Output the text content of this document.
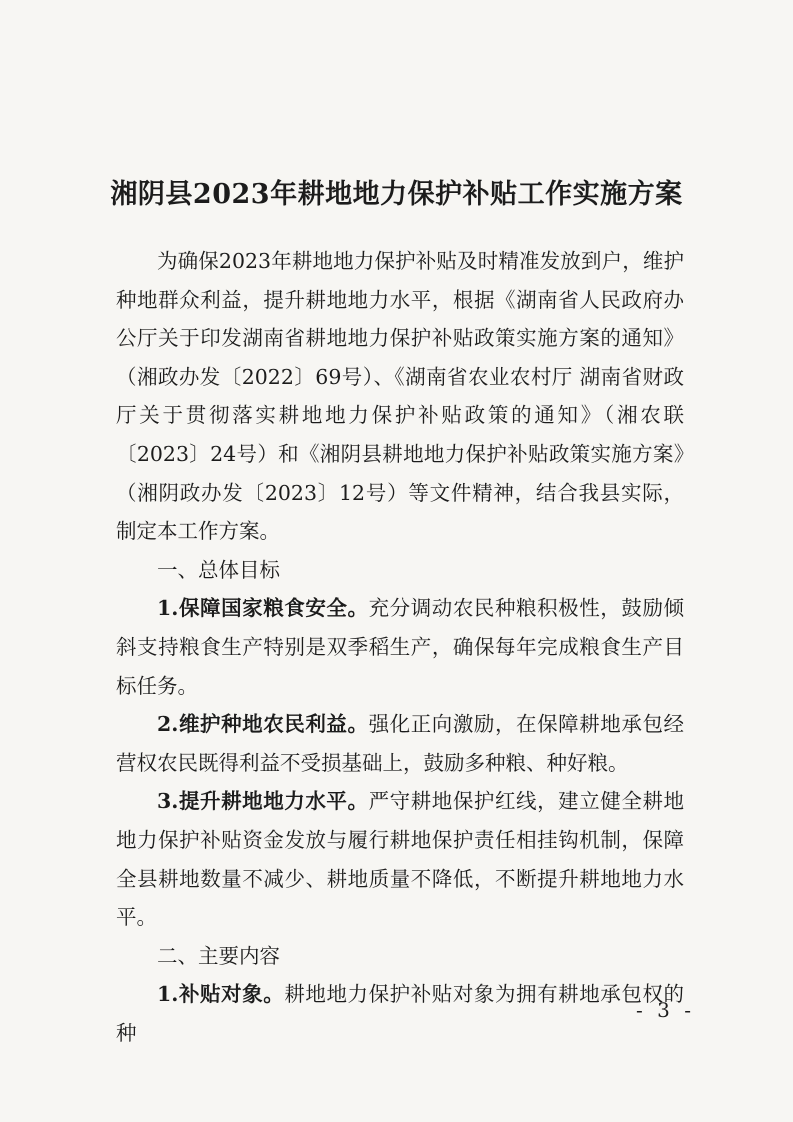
湘阴县2023年耕地地力保护补贴工作实施方案

为确保2023年耕地地力保护补贴及时精准发放到户，维护种地群众利益，提升耕地地力水平，根据《湖南省人民政府办公厅关于印发湖南省耕地地力保护补贴政策实施方案的通知》（湘政办发〔2022〕69号）、《湖南省农业农村厅 湖南省财政厅关于贯彻落实耕地地力保护补贴政策的通知》（湘农联〔2023〕24号）和《湘阴县耕地地力保护补贴政策实施方案》（湘阴政办发〔2023〕12号）等文件精神，结合我县实际，制定本工作方案。

一、总体目标

1.保障国家粮食安全。充分调动农民种粮积极性，鼓励倾斜支持粮食生产特别是双季稻生产，确保每年完成粮食生产目标任务。

2.维护种地农民利益。强化正向激励，在保障耕地承包经营权农民既得利益不受损基础上，鼓励多种粮、种好粮。

3.提升耕地地力水平。严守耕地保护红线，建立健全耕地地力保护补贴资金发放与履行耕地保护责任相挂钩机制，保障全县耕地数量不减少、耕地质量不降低，不断提升耕地地力水平。

二、主要内容

1.补贴对象。耕地地力保护补贴对象为拥有耕地承包权的种

- 3 -
